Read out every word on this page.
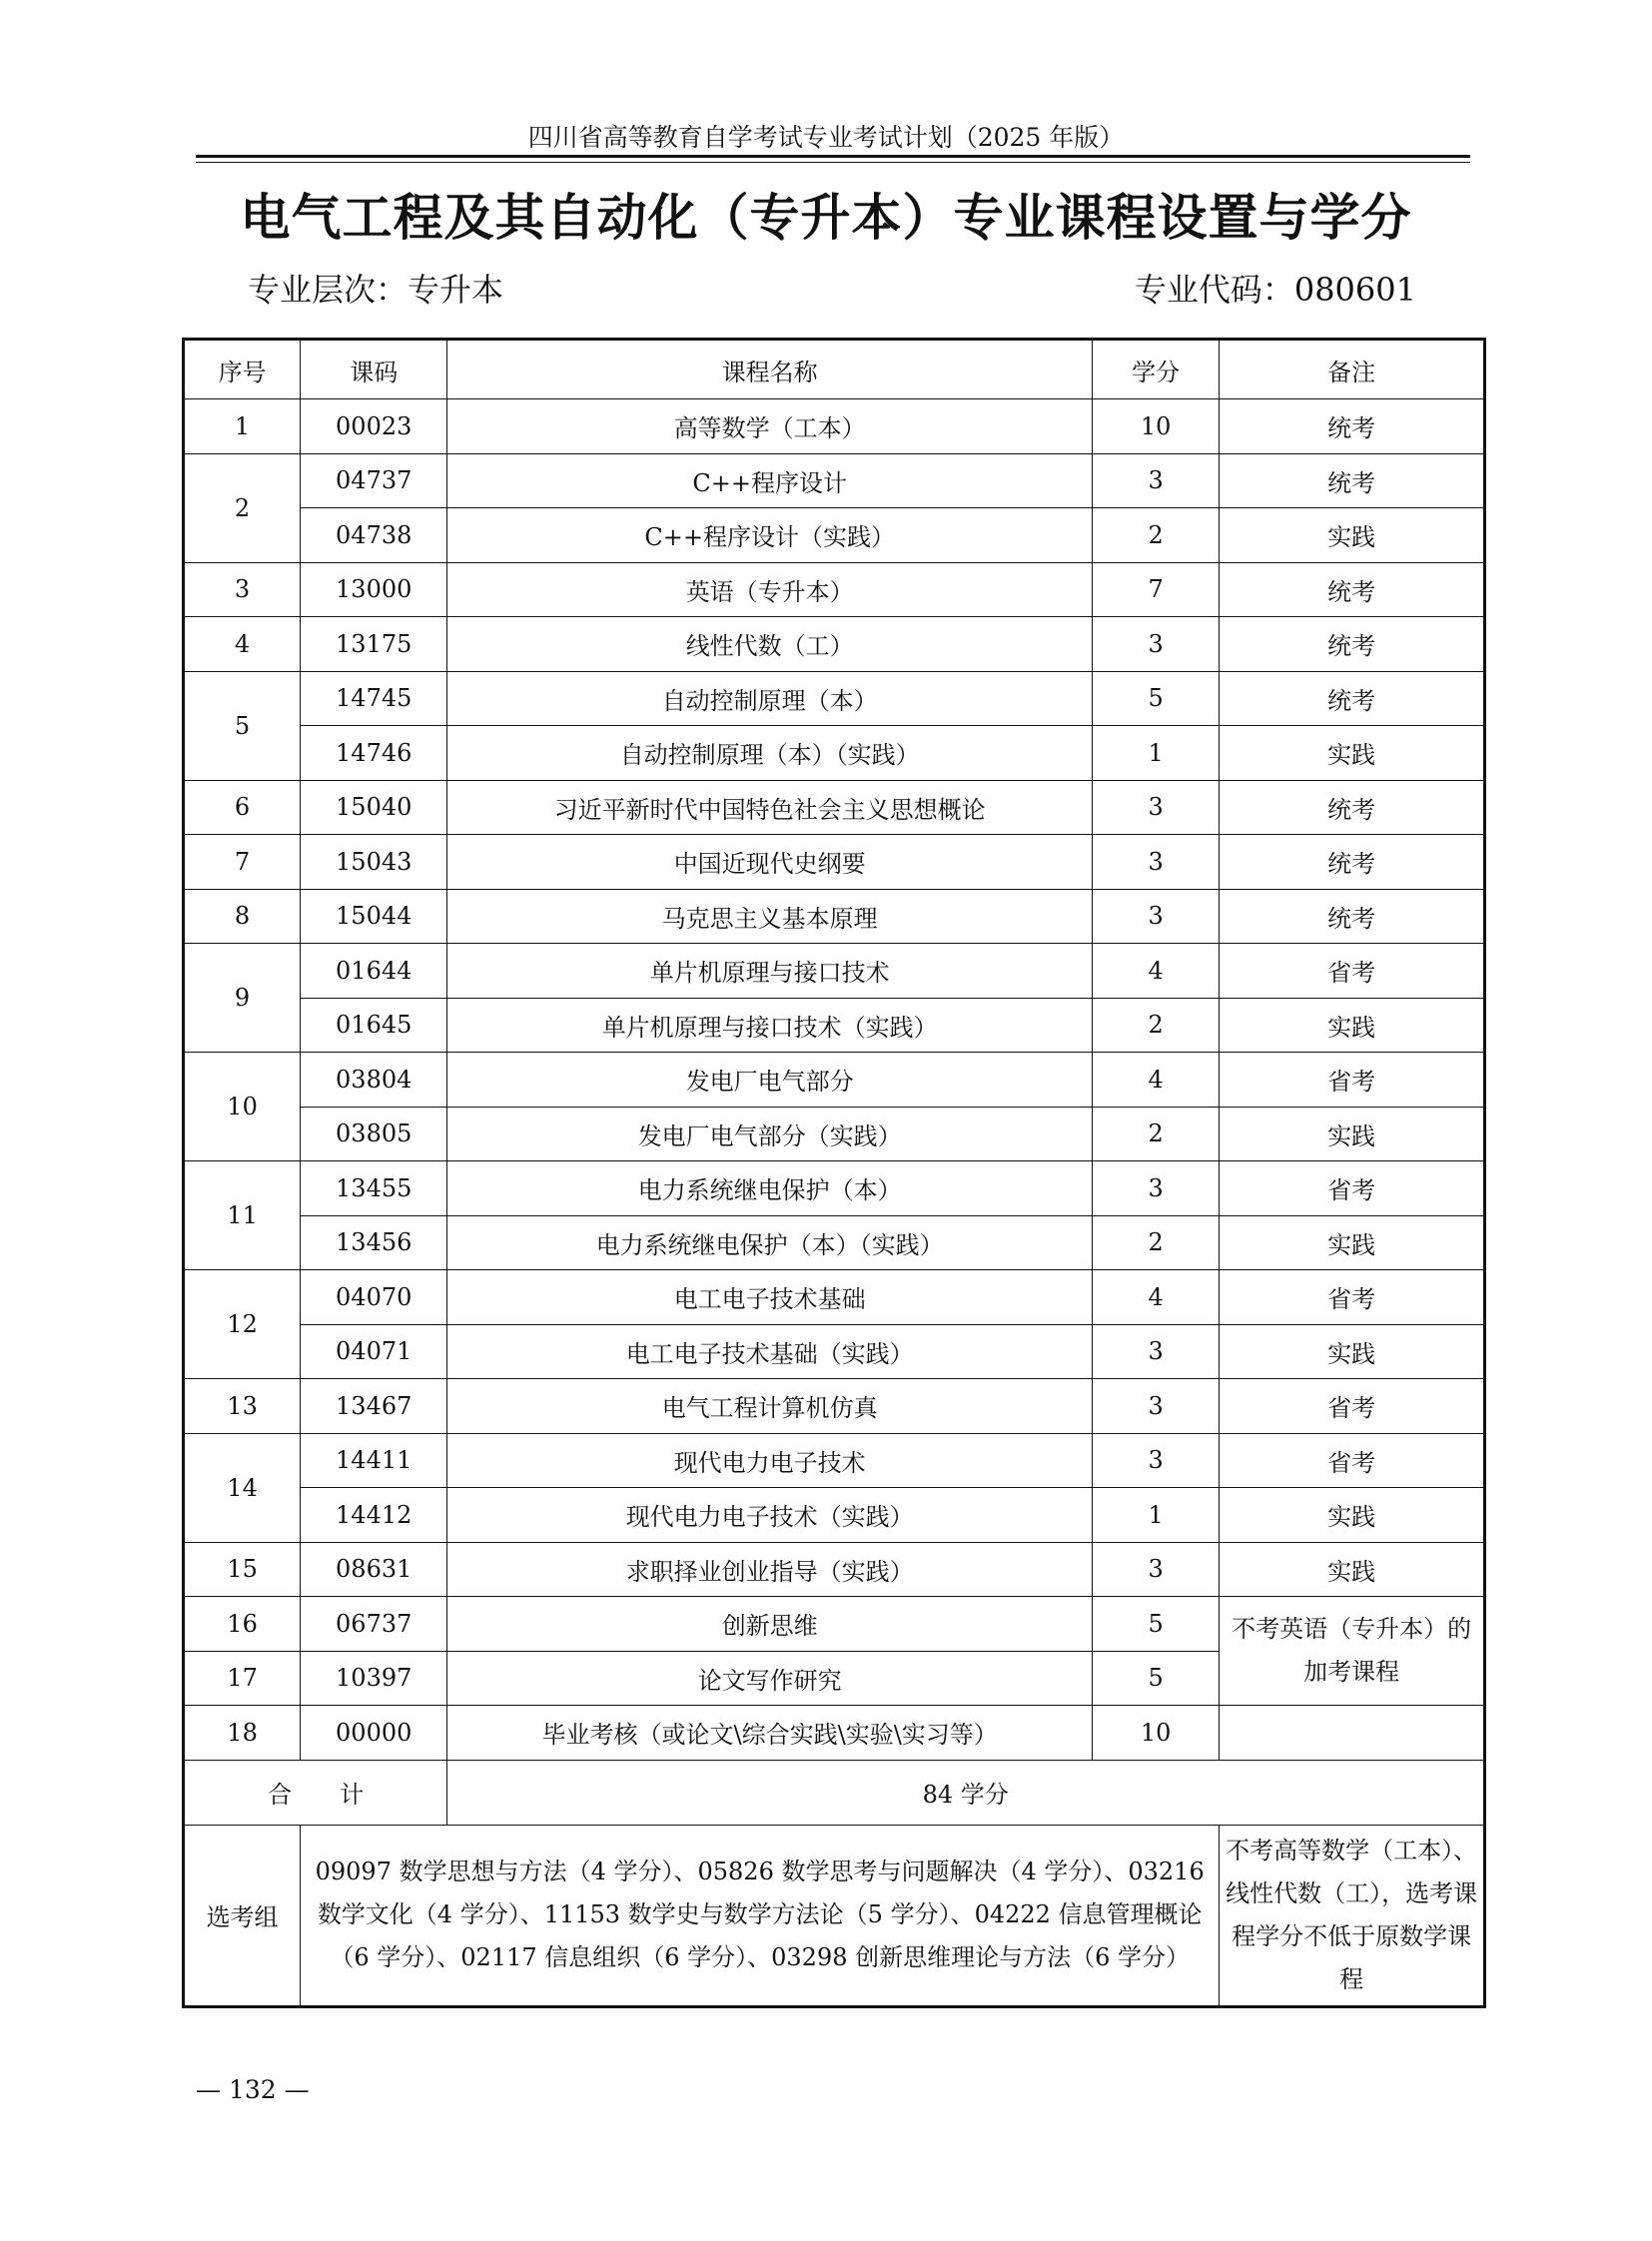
四川省高等教育自学考试专业考试计划（2025 年版）
电气工程及其自动化（专升本）专业课程设置与学分
专业层次：专升本	专业代码：080601
序号	课码	课程名称	学分	备注
1	00023	高等数学（工本）	10	统考
2	04737	C++程序设计	3	统考
	04738	C++程序设计（实践）	2	实践
3	13000	英语（专升本）	7	统考
4	13175	线性代数（工）	3	统考
5	14745	自动控制原理（本）	5	统考
	14746	自动控制原理（本）（实践）	1	实践
6	15040	习近平新时代中国特色社会主义思想概论	3	统考
7	15043	中国近现代史纲要	3	统考
8	15044	马克思主义基本原理	3	统考
9	01644	单片机原理与接口技术	4	省考
	01645	单片机原理与接口技术（实践）	2	实践
10	03804	发电厂电气部分	4	省考
	03805	发电厂电气部分（实践）	2	实践
11	13455	电力系统继电保护（本）	3	省考
	13456	电力系统继电保护（本）（实践）	2	实践
12	04070	电工电子技术基础	4	省考
	04071	电工电子技术基础（实践）	3	实践
13	13467	电气工程计算机仿真	3	省考
14	14411	现代电力电子技术	3	省考
	14412	现代电力电子技术（实践）	1	实践
15	08631	求职择业创业指导（实践）	3	实践
16	06737	创新思维	5	不考英语（专升本）的加考课程
17	10397	论文写作研究	5	
18	00000	毕业考核（或论文\综合实践\实验\实习等）	10	
合　　计		84 学分		
选考组	09097 数学思想与方法（4 学分）、05826 数学思考与问题解决（4 学分）、03216 数学文化（4 学分）、11153 数学史与数学方法论（5 学分）、04222 信息管理概论（6 学分）、02117 信息组织（6 学分）、03298 创新思维理论与方法（6 学分）			不考高等数学（工本）、线性代数（工），选考课程学分不低于原数学课程
— 132 —
